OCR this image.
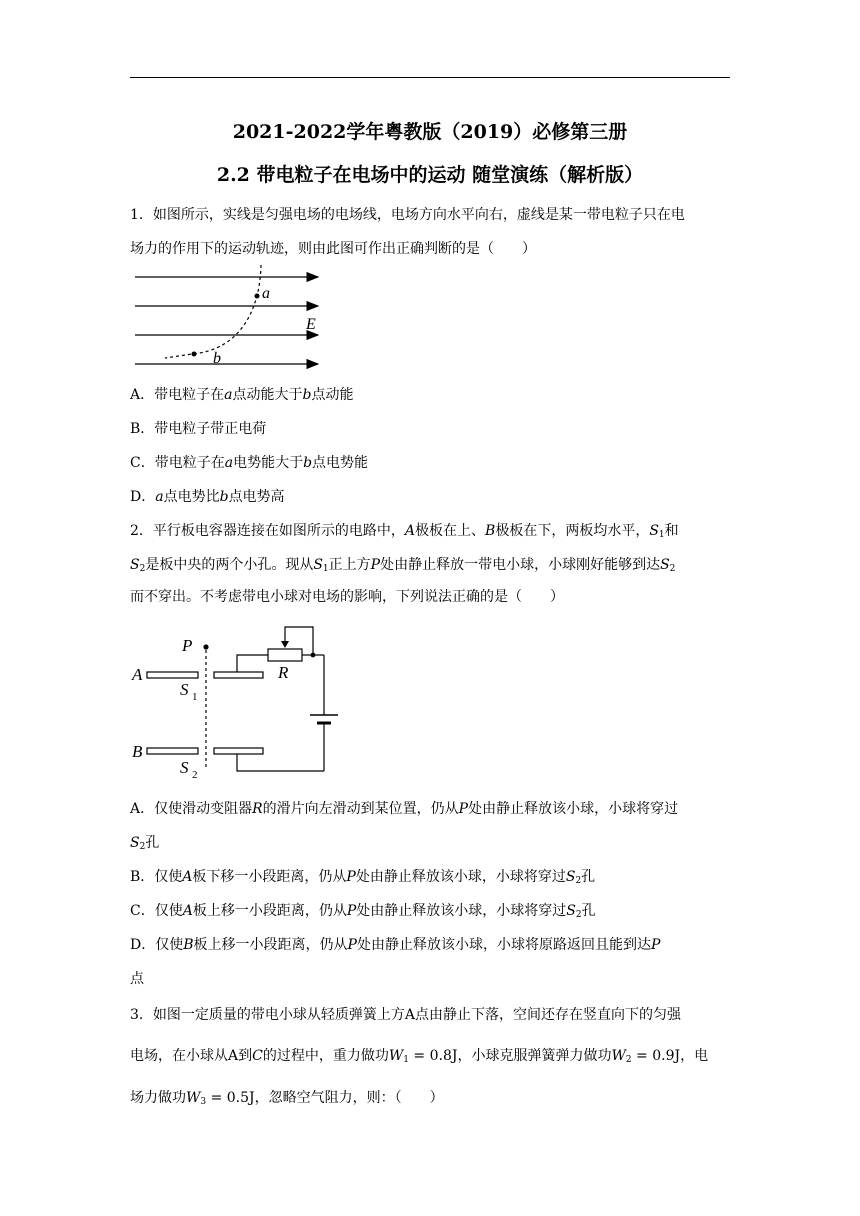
2021-2022学年粤教版（2019）必修第三册
2.2 带电粒子在电场中的运动 随堂演练（解析版）
1．如图所示，实线是匀强电场的电场线，电场方向水平向右，虚线是某一带电粒子只在电
场力的作用下的运动轨迹，则由此图可作出正确判断的是（　　）
a
b
E
A．带电粒子在a点动能大于b点动能
B．带电粒子带正电荷
C．带电粒子在a电势能大于b点电势能
D．a点电势比b点电势高
2．平行板电容器连接在如图所示的电路中，A极板在上、B极板在下，两板均水平，$S_1$和
$S_2$是板中央的两个小孔。现从$S_1$正上方P处由静止释放一带电小球，小球刚好能够到达$S_2$
而不穿出。不考虑带电小球对电场的影响，下列说法正确的是（　　）
P
A
B
S 1
S 2
R
A．仅使滑动变阻器R的滑片向左滑动到某位置，仍从P处由静止释放该小球，小球将穿过
$S_2$孔
B．仅使A板下移一小段距离，仍从P处由静止释放该小球，小球将穿过$S_2$孔
C．仅使A板上移一小段距离，仍从P处由静止释放该小球，小球将穿过$S_2$孔
D．仅使B板上移一小段距离，仍从P处由静止释放该小球，小球将原路返回且能到达P
点
3．如图一定质量的带电小球从轻质弹簧上方A点由静止下落，空间还存在竖直向下的匀强
电场，在小球从A到C的过程中，重力做功$W_1 = 0.8J$，小球克服弹簧弹力做功$W_2 = 0.9J$，电
场力做功$W_3 = 0.5J$，忽略空气阻力，则：（　　）
